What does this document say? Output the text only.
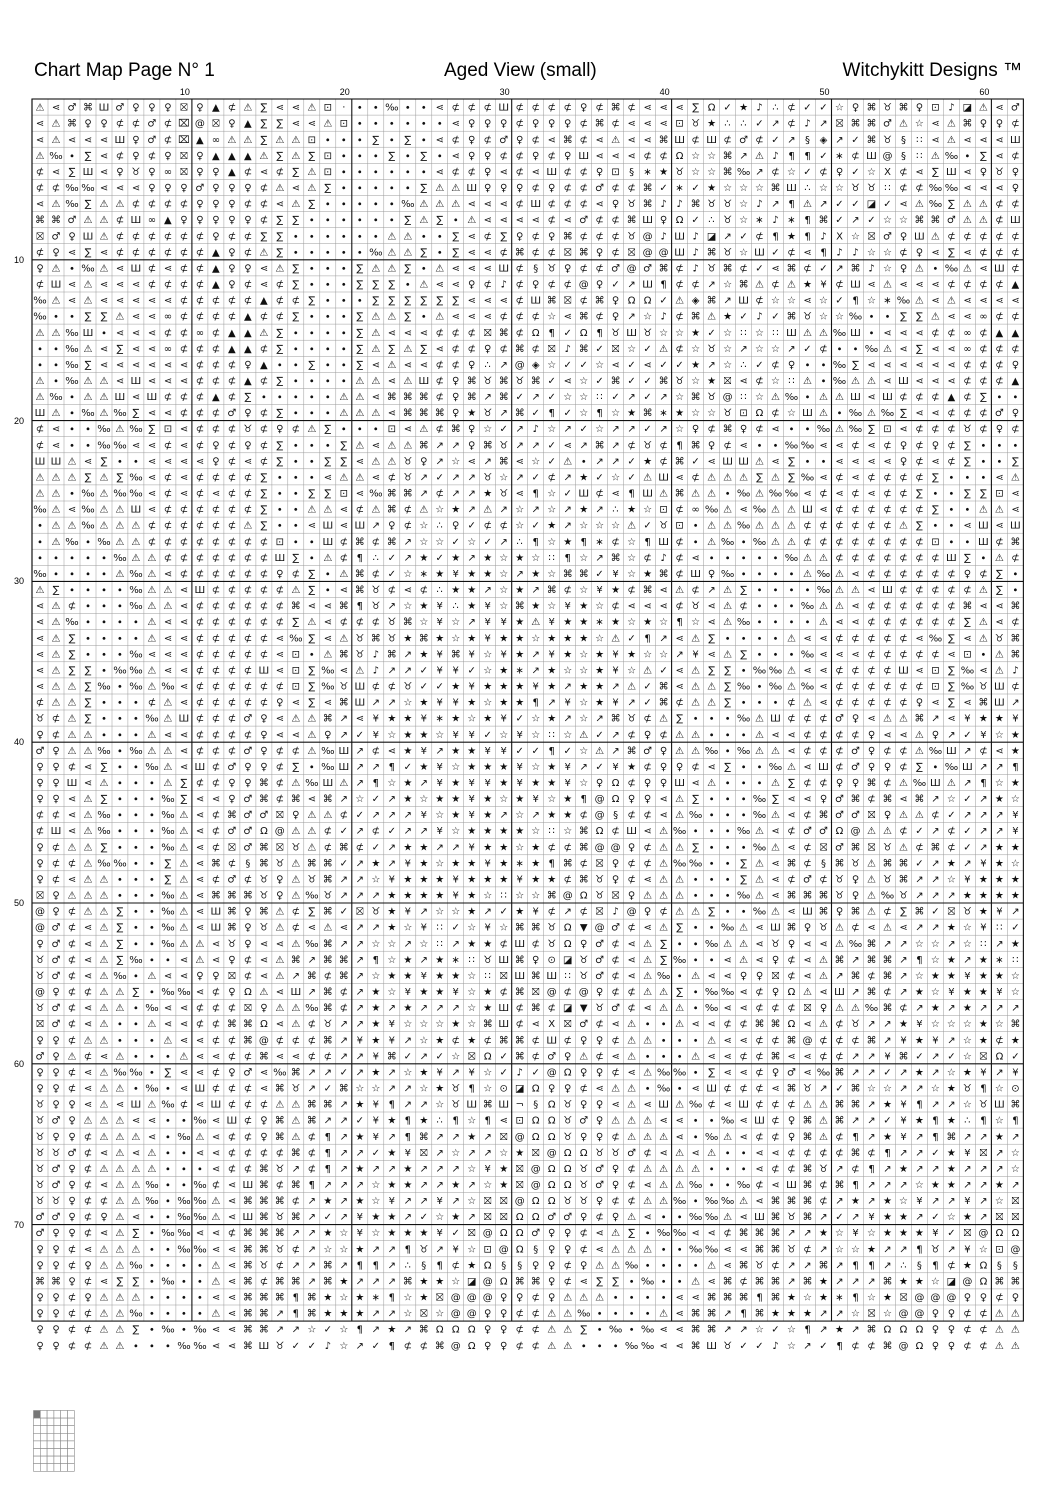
Chart Map Page N° 1	Aged View (small)	Witchykitt Designs ™
10	20	30	40	50	60
10
20
30
40
50
60
70
⚠ ⋖ ♂ ⌘ Ш ♂ ♀ ♀ ♀ ⛝ ♀ ▲ ⊄ ⚠ ∑ ⋖ ⋖ ⚠ ⊡ · ∙ ∙ ‰ ∙ ∙ ⋖ ⊄ ⊄ ⊄ Ш ⊄ ⊄ ⊄ ⊄ ♀ ⊄ ⌘ ⊄ ⋖ ⋖ ⋖ ∑ Ω ✓ ★ ♪ ∴ ⊄ ✓ ✓ ☆ ♀ ⌘ ♉ ⌘ ♀ ⊡ ♪ ◪ ⚠ ⋖ ♂
⋖ ⚠ ⌘ ♀ ♀ ⊄ ⊄ ♂ ⊄ ⌧ @ ⛝ ♀ ▲ ∑ ∑ ⋖ ⋖ ⚠ ⊡ ∙ ∙ ∙ ∙ ∙ ∙ ⋖ ♀ ♀ ♀ ⊄ ♀ ♀ ♀ ⊄ ⌘ ⊄ ⋖ ⋖ ⋖ ⊡ ♉ ★ ∴ ∴ ✓ ↗ ⊄ ♪ ↗ ⛝ ⌘ ⌘ ♂ ⚠ ☆ ⋖ ⚠ ⌘ ♀ ♀ ⊄
⋖ ⚠ ⋖ ⋖ ⋖ Ш ♀ ♂ ⊄ ⌧ ▲ ∞ ⚠ ⚠ ∑ ⚠ ⚠ ⊡ ∙ ∙ ∙ ∑ ∙ ∑ ∙ ⋖ ⊄ ♀ ⊄ ♂ ♀ ⊄ ⋖ ⌘ ⊄ ⋖ ⚠ ⋖ ⋖ ⌘ Ш ⊄ Ш ⊄ ♂ ⊄ ✓ ↗ § ◈ ↗ ✓ ⌘ ♉ § ∷ ⋖ ⚠ ⋖ ⋖ ⋖ Ш
⚠ ‰ ∙ ∑ ⋖ ⊄ ♀ ⊄ ♀ ⛝ ♀ ▲ ▲ ▲ ⚠ ∑ ⚠ ∑ ⊡ ∙ ∙ ∙ ∑ ∙ ∑ ∙ ⋖ ♀ ♀ ⊄ ⊄ ♀ ⊄ ♀ Ш ⋖ ⋖ ⋖ ⊄ ⊄ Ω ☆ ☆ ⌘ ↗ ⚠ ♪ ¶ ¶ ✓ ∗ ⊄ Ш @ § ∷ ⚠ ‰ ∙ ∑ ⋖ ⊄
⊄ ⋖ ∑ Ш ⋖ ♀ ♉ ♀ ∞ ⛝ ♀ ♀ ▲ ⊄ ⋖ ⊄ ∑ ⚠ ⊡ ∙ ∙ ∙ ∙ ∙ ∙ ⋖ ⊄ ⊄ ♀ ⋖ ⊄ ⋖ Ш ⊄ ⊄ ♀ ⊡ § ∗ ★ ♉ ☆ ☆ ⌘ ‰ ↗ ⊄ ☆ ✓ ⊄ ♀ ✓ ☆ Χ ⊄ ⋖ ∑ Ш ⋖ ♀ ♉ ♀
⊄ ⊄ ‰ ‰ ⋖ ⋖ ⋖ ♀ ♀ ♀ ♂ ♀ ♀ ♀ ⊄ ⚠ ⋖ ⚠ ∑ ∙ ∙ ∙ ∙ ∙ ∑ ⚠ ⚠ Ш ♀ ♀ ♀ ⊄ ♀ ⊄ ⊄ ♂ ⊄ ⊄ ⌘ ✓ ∗ ✓ ★ ☆ ☆ ☆ ⌘ Ш ∴ ☆ ☆ ♉ ♉ ∷ ⊄ ⊄ ‰ ‰ ⋖ ⋖ ⋖ ♀
⋖ ⚠ ‰ ∑ ⚠ ⚠ ⊄ ⊄ ⊄ ⊄ ♀ ♀ ♀ ⊄ ⊄ ⋖ ⚠ ∑ ∙ ∙ ∙ ∙ ∙ ‰ ⚠ ⚠ ⚠ ⋖ ⋖ ⋖ ⊄ Ш ⊄ ⊄ ⊄ ⋖ ♀ ♉ ⌘ ♪ ♪ ⌘ ♉ ♉ ☆ ♪ ↗ ¶ ⚠ ↗ ✓ ✓ ◪ ✓ ⋖ ⚠ ‰ ∑ ⚠ ⚠ ⊄ ⊄
⌘ ⌘ ♂ ⚠ ⚠ ⊄ Ш ∞ ▲ ♀ ♀ ♀ ♀ ♀ ⊄ ∑ ∑ ∙ ∙ ∙ ∙ ∙ ∙ ∑ ⚠ ∑ ∙ ⚠ ⋖ ⋖ ⋖ ⋖ ⊄ ⋖ ♂ ⊄ ⊄ ⌘ Ш ♀ Ω ✓ ∴ ♉ ☆ ∗ ♪ ∗ ¶ ⌘ ✓ ↗ ✓ ☆ ☆ ⌘ ⌘ ♂ ⚠ ⚠ ⊄ Ш
⛝ ♂ ♀ Ш ⚠ ⊄ ⊄ ⊄ ⊄ ⊄ ⊄ ♀ ⊄ ⊄ ∑ ∑ ∙ ∙ ∙ ∙ ∙ ∙ ⚠ ⚠ ∙ ∙ ∑ ⋖ ⊄ ∑ ♀ ⊄ ♀ ⌘ ⊄ ⊄ ⊄ ♉ @ ♪ Ш ♪ ◪ ↗ ✓ ⊄ ¶ ★ ¶ ♪ Χ ☆ ⛝ ♂ ♀ Ш ⚠ ⊄ ⊄ ⊄ ⊄ ⊄
⊄ ♀ ⋖ ∑ ⋖ ⊄ ⊄ ⊄ ⊄ ⊄ ⊄ ▲ ♀ ⊄ ⚠ ∑ ∙ ∙ ∙ ∙ ∙ ‰ ⚠ ⚠ ∑ ∙ ∑ ⋖ ⋖ ⊄ ⌘ ⊄ ⊄ ⛝ ⌘ ♀ ⊄ ⛝ @ @ Ш ♪ ⌘ ♉ ☆ Ш ✓ ⊄ ⋖ ¶ ♪ ♪ ☆ ☆ ⊄ ♀ ⋖ ∑ ⋖ ⊄ ⊄ ⊄
♀ ⚠ ∙ ‰ ⚠ ⋖ Ш ⊄ ⋖ ⊄ ⊄ ▲ ♀ ♀ ⋖ ⚠ ∑ ∙ ∙ ∙ ∑ ⚠ ⚠ ∑ ∙ ⚠ ⋖ ⋖ ⋖ Ш ⊄ § ♉ ♀ ⊄ ⊄ ♂ @ ♂ ⌘ ⊄ ♪ ♉ ⌘ ⊄ ✓ ⋖ ⌘ ⊄ ✓ ↗ ⌘ ♪ ☆ ♀ ⚠ ∙ ‰ ⚠ ⋖ Ш ⊄
⊄ Ш ⋖ ⚠ ⋖ ⋖ ⋖ ⊄ ⊄ ⊄ ⊄ ▲ ♀ ⊄ ⋖ ⊄ ∑ ∙ ∙ ∙ ∑ ∑ ∑ ∙ ⚠ ⋖ ⋖ ♀ ⊄ ♪ ⊄ ♀ ⊄ ⊄ @ ♀ ✓ ↗ Ш ¶ ⊄ ⊄ ↗ ☆ ⌘ ⚠ ⊄ ⚠ ★ ¥ ⊄ Ш ⋖ ⚠ ⋖ ⋖ ⋖ ⊄ ⊄ ⊄ ⊄ ▲
‰ ⚠ ⋖ ⚠ ⋖ ⋖ ⋖ ⋖ ⋖ ⊄ ⊄ ⊄ ⊄ ⊄ ▲ ⊄ ⊄ ∑ ∙ ∙ ∙ ∑ ∑ ∑ ∑ ∑ ∑ ⋖ ⋖ ⋖ ⊄ Ш ⌘ ⛝ ⊄ ⌘ ♀ Ω Ω ✓ ⚠ ◈ ⌘ ↗ Ш ⊄ ☆ ☆ ⋖ ☆ ✓ ¶ ☆ ∗ ‰ ⚠ ⋖ ⚠ ⋖ ⋖ ⋖ ⋖
‰ ∙ ∙ ∑ ∑ ⚠ ⋖ ⋖ ∞ ⊄ ⊄ ⊄ ⊄ ▲ ⊄ ⊄ ∑ ∙ ∙ ∙ ∑ ⚠ ⚠ ∑ ∙ ⚠ ⋖ ⋖ ⋖ ⊄ ⊄ ⊄ ☆ ⋖ ⌘ ⊄ ♀ ↗ ☆ ♪ ⊄ ⌘ ⚠ ★ ✓ ♪ ✓ ⌘ ♉ ☆ ☆ ‰ ∙ ∙ ∑ ∑ ⚠ ⋖ ⋖ ∞ ⊄ ⊄
⚠ ⚠ ‰ Ш ∙ ⋖ ⋖ ⋖ ⊄ ⊄ ∞ ⊄ ▲ ▲ ⚠ ∑ ∙ ∙ ∙ ∙ ∑ ⚠ ⋖ ⋖ ⋖ ⊄ ⊄ ⊄ ⛝ ⌘ ⊄ Ω ¶ ✓ Ω ¶ ♉ Ш ♉ ☆ ☆ ★ ✓ ☆ ∷ ☆ ∷ Ш ⚠ ⚠ ‰ Ш ∙ ⋖ ⋖ ⋖ ⊄ ⊄ ∞ ⊄ ▲ ▲
∙ ∙ ‰ ⚠ ⋖ ∑ ⋖ ⋖ ∞ ⊄ ⊄ ⊄ ▲ ▲ ⊄ ∑ ∙ ∙ ∙ ∙ ∑ ⚠ ∑ ⚠ ∑ ⋖ ⊄ ⊄ ♀ ⊄ ⌘ ⊄ ⛝ ♪ ⌘ ✓ ⛝ ☆ ✓ ⚠ ⊄ ☆ ♉ ☆ ↗ ☆ ☆ ↗ ✓ ⊄ ∙ ∙ ‰ ⚠ ⋖ ∑ ⋖ ⋖ ∞ ⊄ ⊄ ⊄
∙ ∙ ‰ ∑ ⋖ ⋖ ⋖ ⋖ ⋖ ⋖ ⊄ ⊄ ⊄ ♀ ▲ ∙ ∙ ∑ ∙ ∙ ∑ ⋖ ⚠ ⋖ ⋖ ⊄ ⊄ ♀ ∴ ↗ @ ◈ ☆ ✓ ✓ ☆ ⋖ ✓ ⋖ ✓ ✓ ★ ↗ ☆ ∴ ✓ ⊄ ♀ ∙ ∙ ‰ ∑ ⋖ ⋖ ⋖ ⋖ ⋖ ⋖ ⊄ ⊄ ⊄ ♀
⚠ ∙ ‰ ⚠ ⚠ ⋖ Ш ⋖ ⋖ ⋖ ⊄ ⊄ ⊄ ▲ ⊄ ∑ ∙ ∙ ∙ ∙ ⚠ ⚠ ⋖ ⚠ Ш ⊄ ♀ ⌘ ♉ ⌘ ♉ ⌘ ✓ ⋖ ☆ ✓ ⌘ ✓ ✓ ⌘ ♉ ☆ ★ ⛝ ⋖ ⊄ ☆ ∷ ⚠ ∙ ‰ ⚠ ⚠ ⋖ Ш ⋖ ⋖ ⋖ ⊄ ⊄ ⊄ ▲
⚠ ‰ ∙ ⚠ ⚠ Ш ⋖ Ш ⊄ ⊄ ⊄ ▲ ⊄ ∑ ∙ ∙ ∙ ∙ ∙ ⚠ ⚠ ⋖ ⌘ ⌘ ⌘ ⊄ ♀ ⌘ ↗ ⌘ ✓ ↗ ✓ ☆ ☆ ∷ ✓ ↗ ✓ ↗ ☆ ⌘ ♉ @ ∷ ☆ ⚠ ‰ ∙ ⚠ ⚠ Ш ⋖ Ш ⊄ ⊄ ⊄ ▲ ⊄ ∑ ∙ ∙
Ш ⚠ ∙ ‰ ⚠ ‰ ∑ ⋖ ⋖ ⊄ ⊄ ⊄ ♂ ♀ ⊄ ∑ ∙ ∙ ∙ ⚠ ⚠ ⚠ ⋖ ⌘ ⌘ ⌘ ♀ ★ ♉ ↗ ⌘ ✓ ¶ ✓ ☆ ¶ ☆ ★ ⌘ ∗ ★ ☆ ☆ ♉ ⊡ Ω ⊄ ☆ Ш ⚠ ∙ ‰ ⚠ ‰ ∑ ⋖ ⋖ ⊄ ⊄ ⊄ ♂ ♀
⊄ ⋖ ∙ ∙ ‰ ⚠ ‰ ∑ ⊡ ⋖ ⊄ ⊄ ⊄ ♉ ⊄ ♀ ⊄ ⚠ ∑ ∙ ∙ ∙ ⊡ ⋖ ⚠ ⊄ ⌘ ♀ ☆ ✓ ↗ ♪ ☆ ↗ ✓ ☆ ↗ ↗ ✓ ↗ ☆ ♀ ⊄ ⌘ ♀ ⊄ ⋖ ∙ ∙ ‰ ⚠ ‰ ∑ ⊡ ⋖ ⊄ ⊄ ⊄ ♉ ⊄ ♀ ⊄
⊄ ⋖ ∙ ∙ ‰ ‰ ⋖ ⋖ ⊄ ⋖ ⊄ ♀ ⊄ ♀ ⊄ ∑ ∙ ∙ ∙ ∑ ⚠ ⋖ ⚠ ⚠ ⌘ ↗ ↗ ♀ ⌘ ♉ ↗ ↗ ✓ ⋖ ↗ ⌘ ↗ ⊄ ♉ ⊄ ¶ ⌘ ♀ ⊄ ⋖ ∙ ∙ ‰ ‰ ⋖ ⋖ ⊄ ⋖ ⊄ ♀ ⊄ ♀ ⊄ ∑ ∙ ∙ ∙
Ш Ш ⚠ ⋖ ∑ ∙ ∙ ⋖ ⋖ ⋖ ⋖ ♀ ⊄ ⋖ ⊄ ∑ ∙ ∙ ∑ ∑ ⋖ ⚠ ⚠ ♉ ♀ ↗ ☆ ⋖ ↗ ⌘ ⋖ ☆ ✓ ⚠ ∙ ↗ ↗ ✓ ★ ⊄ ⌘ ✓ ⋖ Ш Ш ⚠ ⋖ ∑ ∙ ∙ ⋖ ⋖ ⋖ ⋖ ♀ ⊄ ⋖ ⊄ ∑ ∙ ∙ ∑
⚠ ⚠ ⚠ ∑ ⚠ ∑ ‰ ⋖ ⊄ ⋖ ⊄ ⊄ ⊄ ⊄ ∑ ∙ ∙ ∙ ⋖ ⚠ ⚠ ⋖ ⊄ ♉ ↗ ✓ ↗ ↗ ♉ ☆ ↗ ✓ ⊄ ↗ ★ ✓ ☆ ✓ ⚠ Ш ⋖ ⊄ ⚠ ⚠ ⚠ ∑ ⚠ ∑ ‰ ⋖ ⊄ ⋖ ⊄ ⊄ ⊄ ⊄ ∑ ∙ ∙ ∙ ⋖ ⚠
⚠ ⚠ ∙ ‰ ⚠ ‰ ‰ ⋖ ⊄ ⋖ ⊄ ⋖ ⊄ ⊄ ∑ ∙ ∙ ∑ ∑ ⊡ ⋖ ‰ ⌘ ⌘ ↗ ⊄ ↗ ↗ ★ ♉ ⋖ ¶ ☆ ✓ Ш ⊄ ⋖ ¶ Ш ⚠ ⌘ ⚠ ⚠ ∙ ‰ ⚠ ‰ ‰ ⋖ ⊄ ⋖ ⊄ ⋖ ⊄ ⊄ ∑ ∙ ∙ ∑ ∑ ⊡ ⋖
‰ ⚠ ⋖ ‰ ⚠ ⚠ Ш ⋖ ⊄ ⊄ ⊄ ⊄ ⊄ ⊄ ∑ ∙ ∙ ⚠ ⚠ ⋖ ⊄ ⚠ ⌘ ⊄ ⚠ ☆ ★ ↗ ⚠ ↗ ☆ ↗ ☆ ↗ ★ ↗ ∴ ★ ☆ ⊡ ⊄ ∞ ‰ ⚠ ⋖ ‰ ⚠ ⚠ Ш ⋖ ⊄ ⊄ ⊄ ⊄ ⊄ ⊄ ∑ ∙ ∙ ⚠ ⚠ ⋖
∙ ⚠ ⚠ ‰ ⚠ ⚠ ⚠ ⊄ ⊄ ⊄ ⊄ ⊄ ⊄ ⚠ ∑ ∙ ∙ ⋖ Ш ⋖ Ш ↗ ♀ ⊄ ☆ ∴ ♀ ✓ ⊄ ⊄ ☆ ✓ ★ ↗ ☆ ☆ ☆ ⚠ ✓ ♉ ⊡ ∙ ⚠ ⚠ ‰ ⚠ ⚠ ⚠ ⊄ ⊄ ⊄ ⊄ ⊄ ⊄ ⚠ ∑ ∙ ∙ ⋖ Ш ⋖ Ш
∙ ⚠ ‰ ∙ ‰ ⚠ ⚠ ⊄ ⊄ ⊄ ⊄ ⊄ ⊄ ⊄ ⊄ ⊡ ∙ ∙ Ш ⊄ ⌘ ⊄ ⌘ ↗ ☆ ☆ ✓ ☆ ✓ ↗ ∴ ¶ ☆ ★ ¶ ∗ ⊄ ☆ ¶ Ш ⊄ ∙ ⚠ ‰ ∙ ‰ ⚠ ⚠ ⊄ ⊄ ⊄ ⊄ ⊄ ⊄ ⊄ ⊄ ⊡ ∙ ∙ Ш ⊄ ⌘
∙ ∙ ∙ ∙ ∙ ‰ ⚠ ⚠ ⊄ ⊄ ⊄ ⊄ ⊄ ⊄ ⊄ Ш ∑ ∙ ⚠ ⊄ ¶ ∴ ✓ ↗ ★ ✓ ★ ↗ ★ ☆ ★ ☆ ∷ ¶ ☆ ↗ ⌘ ☆ ⊄ ♪ ⊄ ⋖ ∙ ∙ ∙ ∙ ∙ ‰ ⚠ ⚠ ⊄ ⊄ ⊄ ⊄ ⊄ ⊄ ⊄ Ш ∑ ∙ ⚠ ⊄
‰ ∙ ∙ ∙ ∙ ⚠ ‰ ⚠ ⋖ ⊄ ⊄ ⊄ ⊄ ⊄ ⊄ ♀ ⊄ ∑ ∙ ⚠ ⌘ ⊄ ✓ ☆ ∗ ★ ¥ ★ ★ ☆ ↗ ★ ☆ ⌘ ⌘ ✓ ¥ ☆ ★ ⌘ ⊄ Ш ♀ ‰ ∙ ∙ ∙ ∙ ⚠ ‰ ⚠ ⋖ ⊄ ⊄ ⊄ ⊄ ⊄ ⊄ ♀ ⊄ ∑ ∙
⚠ ∑ ∙ ∙ ∙ ∙ ‰ ⚠ ⚠ ⋖ Ш ⊄ ⊄ ⊄ ⊄ ⊄ ⚠ ∑ ∙ ⋖ ⌘ ♉ ⊄ ⋖ ⊄ ∴ ★ ★ ↗ ☆ ★ ↗ ⌘ ⊄ ☆ ¥ ★ ⊄ ⌘ ⋖ ⚠ ⊄ ↗ ⚠ ∑ ∙ ∙ ∙ ∙ ‰ ⚠ ⚠ ⋖ Ш ⊄ ⊄ ⊄ ⊄ ⊄ ⚠ ∑ ∙
⋖ ⚠ ⊄ ∙ ∙ ∙ ‰ ⚠ ⚠ ⋖ ⊄ ⊄ ⊄ ⊄ ⊄ ⊄ ⌘ ⋖ ⋖ ⌘ ¶ ♉ ↗ ☆ ★ ¥ ∴ ★ ¥ ☆ ⌘ ★ ☆ ¥ ★ ☆ ⊄ ⋖ ⋖ ⋖ ⊄ ♉ ⋖ ⚠ ⊄ ∙ ∙ ∙ ‰ ⚠ ⚠ ⋖ ⊄ ⊄ ⊄ ⊄ ⊄ ⊄ ⌘ ⋖ ⋖ ⌘
⋖ ⚠ ‰ ∙ ∙ ∙ ∙ ⚠ ⋖ ⋖ ⊄ ⊄ ⊄ ⊄ ⊄ ⊄ ∑ ⚠ ⋖ ⊄ ⊄ ⊄ ♉ ⌘ ☆ ¥ ☆ ↗ ¥ ¥ ★ ⚠ ¥ ★ ★ ∗ ★ ☆ ★ ☆ ¶ ☆ ⋖ ⚠ ‰ ∙ ∙ ∙ ∙ ⚠ ⋖ ⋖ ⊄ ⊄ ⊄ ⊄ ⊄ ⊄ ∑ ⚠ ⋖ ⊄
⋖ ⚠ ∑ ∙ ∙ ∙ ∙ ⚠ ⋖ ⋖ ⊄ ⊄ ⊄ ⊄ ⊄ ⋖ ‰ ∑ ⋖ ⚠ ♉ ⌘ ♉ ★ ⌘ ★ ☆ ★ ¥ ★ ★ ☆ ★ ★ ★ ☆ ⚠ ✓ ¶ ↗ ⋖ ⚠ ∑ ∙ ∙ ∙ ∙ ⚠ ⋖ ⋖ ⊄ ⊄ ⊄ ⊄ ⊄ ⋖ ‰ ∑ ⋖ ⚠ ♉ ⌘
⋖ ⚠ ∑ ∙ ∙ ∙ ‰ ⋖ ⋖ ⋖ ⊄ ⊄ ⊄ ⊄ ⊄ ⋖ ⊡ ∙ ⚠ ⌘ ♉ ♪ ⌘ ↗ ★ ¥ ⌘ ¥ ☆ ¥ ★ ↗ ¥ ★ ☆ ★ ¥ ★ ☆ ☆ ↗ ¥ ⋖ ⚠ ∑ ∙ ∙ ∙ ‰ ⋖ ⋖ ⋖ ⊄ ⊄ ⊄ ⊄ ⊄ ⋖ ⊡ ∙ ⚠ ⌘
⋖ ⚠ ∑ ∑ ∙ ‰ ‰ ⚠ ⋖ ⋖ ⊄ ⊄ ⊄ ⊄ Ш ⋖ ⊡ ∑ ‰ ⋖ ⚠ ♪ ↗ ↗ ✓ ¥ ¥ ✓ ☆ ★ ∗ ↗ ★ ☆ ☆ ★ ¥ ☆ ⚠ ✓ ⋖ ⚠ ∑ ∑ ∙ ‰ ‰ ⚠ ⋖ ⋖ ⊄ ⊄ ⊄ ⊄ Ш ⋖ ⊡ ∑ ‰ ⋖ ⚠ ♪
⋖ ⚠ ⚠ ∑ ‰ ∙ ‰ ⚠ ‰ ⋖ ⊄ ⊄ ⊄ ⊄ ⊄ ⊄ ⊡ ∑ ‰ ♉ Ш ⊄ ⊄ ♉ ✓ ✓ ★ ¥ ★ ★ ★ ¥ ★ ↗ ★ ★ ↗ ⚠ ✓ ⌘ ⋖ ⚠ ⚠ ∑ ‰ ∙ ‰ ⚠ ‰ ⋖ ⊄ ⊄ ⊄ ⊄ ⊄ ⊄ ⊡ ∑ ‰ ♉ Ш ⊄
⊄ ⚠ ⚠ ∑ ∙ ∙ ∙ ⊄ ⚠ ⋖ ⊄ ⊄ ⊄ ⊄ ⊄ ♀ ⋖ ∑ ⋖ ⌘ Ш ↗ ↗ ☆ ★ ¥ ¥ ★ ☆ ★ ★ ¶ ↗ ¥ ☆ ★ ¥ ↗ ✓ ⌘ ⊄ ⚠ ⚠ ∑ ∙ ∙ ∙ ⊄ ⚠ ⋖ ⊄ ⊄ ⊄ ⊄ ⊄ ♀ ⋖ ∑ ⋖ ⌘ Ш ↗
♉ ⊄ ⚠ ∑ ∙ ∙ ∙ ‰ ⚠ Ш ⊄ ⊄ ⊄ ♂ ♀ ⋖ ⚠ ⚠ ⌘ ↗ ⋖ ¥ ★ ★ ¥ ∗ ★ ☆ ★ ¥ ✓ ☆ ★ ↗ ☆ ↗ ⌘ ♉ ⊄ ⚠ ∑ ∙ ∙ ∙ ‰ ⚠ Ш ⊄ ⊄ ⊄ ♂ ♀ ⋖ ⚠ ⚠ ⌘ ↗ ⋖ ¥ ★ ★ ¥
♀ ⊄ ⚠ ⚠ ∙ ∙ ∙ ⚠ ⋖ ⋖ ⊄ ⊄ ⊄ ⊄ ♀ ⋖ ⋖ ⚠ ♀ ↗ ✓ ¥ ☆ ★ ★ ☆ ¥ ¥ ✓ ☆ ¥ ☆ ∷ ☆ ⚠ ✓ ↗ ⊄ ♀ ⊄ ⚠ ⚠ ∙ ∙ ∙ ⚠ ⋖ ⋖ ⊄ ⊄ ⊄ ⊄ ♀ ⋖ ⋖ ⚠ ♀ ↗ ✓ ¥ ☆ ★
♂ ♀ ⚠ ⚠ ‰ ∙ ‰ ⚠ ⚠ ⋖ ⊄ ⊄ ⊄ ♂ ♀ ⊄ ⊄ ⚠ ‰ Ш ↗ ⊄ ⋖ ★ ¥ ↗ ★ ★ ¥ ¥ ✓ ✓ ¶ ✓ ☆ ⚠ ↗ ⌘ ♂ ♀ ⚠ ⚠ ‰ ∙ ‰ ⚠ ⚠ ⋖ ⊄ ⊄ ⊄ ♂ ♀ ⊄ ⊄ ⚠ ‰ Ш ↗ ⊄ ⋖ ★
♀ ♀ ⊄ ⋖ ∑ ∙ ∙ ‰ ⚠ ⋖ Ш ⊄ ♂ ♀ ♀ ⊄ ∑ ∙ ‰ Ш ↗ ↗ ¶ ✓ ★ ¥ ☆ ★ ★ ★ ¥ ☆ ★ ¥ ↗ ✓ ¥ ★ ⊄ ♀ ♀ ⊄ ⋖ ∑ ∙ ∙ ‰ ⚠ ⋖ Ш ⊄ ♂ ♀ ♀ ⊄ ∑ ∙ ‰ Ш ↗ ↗ ¶
♀ ♀ Ш ⋖ ⚠ ∙ ∙ ∙ ⚠ ∑ ⊄ ⊄ ♀ ♀ ⌘ ⊄ ⚠ ‰ Ш ⚠ ↗ ¶ ☆ ★ ↗ ¥ ★ ¥ ¥ ★ ¥ ★ ★ ¥ ☆ ♀ Ω ⊄ ♀ ♀ Ш ⋖ ⚠ ∙ ∙ ∙ ⚠ ∑ ⊄ ⊄ ♀ ♀ ⌘ ⊄ ⚠ ‰ Ш ⚠ ↗ ¶ ☆ ★
♀ ♀ ⋖ ⚠ ∑ ∙ ∙ ∙ ‰ ∑ ⋖ ⋖ ♀ ♂ ⌘ ⊄ ⌘ ⋖ ⌘ ↗ ☆ ✓ ↗ ★ ☆ ★ ★ ¥ ★ ☆ ★ ¥ ☆ ★ ¶ @ Ω ♀ ♀ ⋖ ⚠ ∑ ∙ ∙ ∙ ‰ ∑ ⋖ ⋖ ♀ ♂ ⌘ ⊄ ⌘ ⋖ ⌘ ↗ ☆ ✓ ↗ ★ ☆
⊄ ⊄ ⋖ ⚠ ‰ ∙ ∙ ∙ ‰ ⚠ ⋖ ⊄ ⌘ ♂ ♂ ⛝ ♀ ⚠ ⚠ ⊄ ✓ ↗ ↗ ↗ ¥ ☆ ★ ¥ ★ ↗ ☆ ↗ ★ ★ ⊄ @ § ⊄ ⊄ ⋖ ⚠ ‰ ∙ ∙ ∙ ‰ ⚠ ⋖ ⊄ ⌘ ♂ ♂ ⛝ ♀ ⚠ ⚠ ⊄ ✓ ↗ ↗ ↗ ¥
⊄ Ш ⋖ ⚠ ‰ ∙ ∙ ∙ ‰ ⚠ ⋖ ⊄ ♂ ♂ Ω @ ⚠ ⚠ ⊄ ✓ ↗ ⊄ ✓ ↗ ↗ ¥ ☆ ★ ★ ★ ★ ☆ ∷ ☆ ⌘ Ω ⊄ Ш ⋖ ⚠ ‰ ∙ ∙ ∙ ‰ ⚠ ⋖ ⊄ ♂ ♂ Ω @ ⚠ ⚠ ⊄ ✓ ↗ ⊄ ✓ ↗ ↗ ¥
♀ ⊄ ⚠ ⚠ ∑ ∙ ∙ ∙ ‰ ⚠ ⋖ ⊄ ⛝ ♂ ⌘ ⛝ ♉ ⚠ ⊄ ⌘ ⊄ ✓ ↗ ★ ★ ↗ ↗ ¥ ★ ★ ☆ ★ ⊄ ⊄ ⌘ @ @ ♀ ⊄ ⚠ ⚠ ∑ ∙ ∙ ∙ ‰ ⚠ ⋖ ⊄ ⛝ ♂ ⌘ ⛝ ♉ ⚠ ⊄ ⌘ ⊄ ✓ ↗ ★ ★
♀ ⊄ ⊄ ⚠ ‰ ‰ ∙ ∙ ∑ ⚠ ⋖ ⌘ ⊄ § ⌘ ♉ ⚠ ⌘ ⌘ ✓ ↗ ★ ↗ ¥ ★ ☆ ★ ★ ¥ ★ ∗ ★ ¶ ⌘ ⊄ ⛝ ♀ ⊄ ⊄ ⚠ ‰ ‰ ∙ ∙ ∑ ⚠ ⋖ ⌘ ⊄ § ⌘ ♉ ⚠ ⌘ ⌘ ✓ ↗ ★ ↗ ¥ ★ ☆
♀ ⊄ ⋖ ⚠ ⚠ ∙ ∙ ∙ ∑ ⚠ ⋖ ⊄ ♂ ⊄ ♉ ♀ ⚠ ♉ ⌘ ↗ ↗ ☆ ¥ ★ ★ ★ ¥ ★ ★ ★ ¥ ★ ★ ⊄ ⌘ ♉ ♀ ⊄ ⋖ ⚠ ⚠ ∙ ∙ ∙ ∑ ⚠ ⋖ ⊄ ♂ ⊄ ♉ ♀ ⚠ ♉ ⌘ ↗ ↗ ☆ ¥ ★ ★ ★
⛝ ♀ ⚠ ⚠ ⚠ ∙ ∙ ∙ ‰ ⚠ ⋖ ⌘ ⌘ ⌘ ♉ ♀ ⚠ ‰ ♉ ↗ ↗ ↗ ★ ★ ★ ★ ¥ ★ ☆ ∷ ☆ ☆ ⌘ @ Ω ♉ ⛝ ♀ ⚠ ⚠ ⚠ ∙ ∙ ∙ ‰ ⚠ ⋖ ⌘ ⌘ ⌘ ♉ ♀ ⚠ ‰ ♉ ↗ ↗ ↗ ★ ★ ★ ★
@ ♀ ⊄ ⚠ ⚠ ∑ ∙ ∙ ‰ ⚠ ⋖ Ш ⌘ ♀ ⌘ ⚠ ⊄ ∑ ⌘ ✓ ⛝ ♉ ★ ¥ ↗ ☆ ☆ ★ ↗ ✓ ★ ¥ ⊄ ↗ ⊄ ⛝ ♪ @ ♀ ⊄ ⚠ ⚠ ∑ ∙ ∙ ‰ ⚠ ⋖ Ш ⌘ ♀ ⌘ ⚠ ⊄ ∑ ⌘ ✓ ⛝ ♉ ★ ¥ ↗
@ ♂ ⊄ ⋖ ⚠ ∑ ∙ ∙ ‰ ⚠ ⋖ Ш ⌘ ♀ ♉ ⚠ ⊄ ⋖ ⚠ ⋖ ↗ ↗ ★ ☆ ¥ ∷ ✓ ☆ ¥ ☆ ⌘ ⌘ ♉ Ω ▼ @ ♂ ⊄ ⋖ ⚠ ∑ ∙ ∙ ‰ ⚠ ⋖ Ш ⌘ ♀ ♉ ⚠ ⊄ ⋖ ⚠ ⋖ ↗ ↗ ★ ☆ ¥ ∷ ✓
♀ ♂ ⊄ ⋖ ⚠ ∑ ∙ ∙ ‰ ⚠ ⚠ ⋖ ♉ ♀ ⋖ ⋖ ⚠ ‰ ⌘ ↗ ↗ ☆ ☆ ↗ ☆ ∷ ↗ ★ ★ ⊄ Ш ⊄ ♉ Ω ♀ ♂ ⊄ ⋖ ⚠ ∑ ∙ ∙ ‰ ⚠ ⚠ ⋖ ♉ ♀ ⋖ ⋖ ⚠ ‰ ⌘ ↗ ↗ ☆ ☆ ↗ ☆ ∷ ↗ ★
♉ ♂ ⊄ ⋖ ⚠ ∑ ‰ ∙ ∙ ⋖ ⚠ ⋖ ♀ ⊄ ⋖ ⚠ ⌘ ↗ ⌘ ⌘ ↗ ¶ ☆ ★ ↗ ★ ∗ ∷ ♉ Ш ⌘ ♀ ⊙ ◪ ♉ ♂ ⊄ ⋖ ⚠ ∑ ‰ ∙ ∙ ⋖ ⚠ ⋖ ♀ ⊄ ⋖ ⚠ ⌘ ↗ ⌘ ⌘ ↗ ¶ ☆ ★ ↗ ★ ∗ ∷
♉ ♂ ⊄ ⋖ ⚠ ‰ ∙ ⚠ ⋖ ⋖ ♀ ♀ ⛝ ⊄ ⋖ ⚠ ↗ ⌘ ⊄ ⌘ ↗ ☆ ★ ★ ¥ ★ ★ ☆ ∷ ⛝ Ш ⌘ Ш ∷ ♉ ♂ ⊄ ⋖ ⚠ ‰ ∙ ⚠ ⋖ ⋖ ♀ ♀ ⛝ ⊄ ⋖ ⚠ ↗ ⌘ ⊄ ⌘ ↗ ☆ ★ ★ ¥ ★ ★ ☆
@ ♀ ⊄ ⊄ ⚠ ⚠ ∑ ∙ ‰ ‰ ⋖ ⊄ ♀ Ω ⚠ ⋖ Ш ↗ ⌘ ⊄ ↗ ★ ☆ ¥ ★ ★ ¥ ☆ ★ ⊄ ⌘ ⛝ @ ⊄ @ ♀ ⊄ ⊄ ⚠ ⚠ ∑ ∙ ‰ ‰ ⋖ ⊄ ♀ Ω ⚠ ⋖ Ш ↗ ⌘ ⊄ ↗ ★ ☆ ¥ ★ ★ ¥ ☆
♉ ♂ ⊄ ⋖ ⚠ ⚠ ∙ ‰ ⋖ ⋖ ⊄ ⊄ ⊄ ⛝ ♀ ⚠ ⚠ ‰ ⌘ ⊄ ↗ ★ ↗ ★ ↗ ↗ ↗ ☆ ★ Ш ⊄ ⌘ ⊄ ◪ ▼ ♉ ♂ ⊄ ⋖ ⚠ ⚠ ∙ ‰ ⋖ ⋖ ⊄ ⊄ ⊄ ⛝ ♀ ⚠ ⚠ ‰ ⌘ ⊄ ↗ ★ ↗ ★ ↗ ↗ ↗
⛝ ♂ ⊄ ⋖ ⚠ ∙ ∙ ⚠ ⋖ ⋖ ⊄ ⊄ ⌘ ⌘ Ω ⋖ ⚠ ⊄ ♉ ↗ ↗ ★ ¥ ☆ ☆ ☆ ★ ☆ ⌘ Ш ⊄ ⋖ Χ ⛝ ♂ ⊄ ⋖ ⚠ ∙ ∙ ⚠ ⋖ ⋖ ⊄ ⊄ ⌘ ⌘ Ω ⋖ ⚠ ⊄ ♉ ↗ ↗ ★ ¥ ☆ ☆ ☆ ★ ☆ ⌘
♀ ♀ ⊄ ⚠ ⚠ ∙ ∙ ∙ ⚠ ⋖ ⋖ ⊄ ⊄ ⌘ @ ⊄ ⊄ ⊄ ⌘ ↗ ¥ ★ ¥ ↗ ☆ ★ ⊄ ★ ⊄ ⌘ ⌘ ⊄ Ш ⊄ ♀ ♀ ⊄ ⚠ ⚠ ∙ ∙ ∙ ⚠ ⋖ ⋖ ⊄ ⊄ ⌘ @ ⊄ ⊄ ⊄ ⌘ ↗ ¥ ★ ¥ ↗ ☆ ★ ⊄ ★
♂ ♀ ⚠ ⊄ ⋖ ⚠ ∙ ∙ ∙ ⚠ ⋖ ⋖ ⊄ ⊄ ⌘ ⋖ ⋖ ⊄ ⊄ ↗ ↗ ¥ ⌘ ✓ ↗ ✓ ☆ ⛝ Ω ✓ ⌘ ⊄ ♂ ♀ ⚠ ⊄ ⋖ ⚠ ∙ ∙ ∙ ⚠ ⋖ ⋖ ⊄ ⊄ ⌘ ⋖ ⋖ ⊄ ⊄ ↗ ↗ ¥ ⌘ ✓ ↗ ✓ ☆ ⛝ Ω ✓
♀ ♀ ⊄ ⋖ ⚠ ‰ ‰ ∙ ∑ ⋖ ⋖ ⊄ ♀ ♂ ⋖ ‰ ⌘ ↗ ↗ ✓ ↗ ★ ↗ ☆ ★ ¥ ↗ ¥ ☆ ✓ ♪ ✓ @ Ω ♀ ♀ ⊄ ⋖ ⚠ ‰ ‰ ∙ ∑ ⋖ ⋖ ⊄ ♀ ♂ ⋖ ‰ ⌘ ↗ ↗ ✓ ↗ ★ ↗ ☆ ★ ¥ ↗ ¥
♀ ♀ ⊄ ⋖ ⚠ ⚠ ∙ ‰ ∙ ⋖ Ш ⊄ ⊄ ⊄ ⋖ ⌘ ♉ ↗ ✓ ⌘ ☆ ☆ ↗ ↗ ☆ ★ ♉ ¶ ☆ ⊙ ◪ Ω ♀ ♀ ⊄ ⋖ ⚠ ⚠ ∙ ‰ ∙ ⋖ Ш ⊄ ⊄ ⊄ ⋖ ⌘ ♉ ↗ ✓ ⌘ ☆ ☆ ↗ ↗ ☆ ★ ♉ ¶ ☆ ⊙
♉ ♀ ♀ ⋖ ⚠ ⋖ Ш ⚠ ‰ ⊄ ⋖ Ш ⊄ ⊄ ⊄ ⚠ ⚠ ⌘ ⌘ ↗ ★ ¥ ¶ ↗ ↗ ☆ ♉ Ш ⌘ Ш ¬ § Ω ♉ ♀ ♀ ⋖ ⚠ ⋖ Ш ⚠ ‰ ⊄ ⋖ Ш ⊄ ⊄ ⊄ ⚠ ⚠ ⌘ ⌘ ↗ ★ ¥ ¶ ↗ ↗ ☆ ♉ Ш ⌘
♉ ♂ ♀ ⚠ ⚠ ⚠ ⋖ ⋖ ∙ ∙ ‰ ⋖ Ш ⊄ ♀ ⌘ ⚠ ⌘ ↗ ↗ ✓ ¥ ★ ¶ ★ ∴ ¶ ☆ ¶ ⋖ ⊡ Ω Ω ♉ ♂ ♀ ⚠ ⚠ ⚠ ⋖ ⋖ ∙ ∙ ‰ ⋖ Ш ⊄ ♀ ⌘ ⚠ ⌘ ↗ ↗ ✓ ¥ ★ ¶ ★ ∴ ¶ ☆ ¶
♉ ♀ ♀ ⊄ ⚠ ⚠ ⚠ ⋖ ∙ ‰ ⚠ ⋖ ⊄ ⊄ ♀ ⌘ ⚠ ⊄ ¶ ↗ ★ ¥ ↗ ¶ ⌘ ↗ ↗ ★ ↗ ⛝ @ Ω Ω ♉ ♀ ♀ ⊄ ⚠ ⚠ ⚠ ⋖ ∙ ‰ ⚠ ⋖ ⊄ ⊄ ♀ ⌘ ⚠ ⊄ ¶ ↗ ★ ¥ ↗ ¶ ⌘ ↗ ↗ ★ ↗
♉ ♉ ♂ ⊄ ⋖ ⚠ ⋖ ⚠ ∙ ∙ ⋖ ⋖ ⊄ ⊄ ⊄ ⊄ ⌘ ⊄ ¶ ↗ ↗ ✓ ★ ¥ ⛝ ↗ ☆ ↗ ↗ ☆ ★ ⛝ @ Ω Ω ♉ ♉ ♂ ⊄ ⋖ ⚠ ⋖ ⚠ ∙ ∙ ⋖ ⋖ ⊄ ⊄ ⊄ ⊄ ⌘ ⊄ ¶ ↗ ↗ ✓ ★ ¥ ⛝ ↗ ☆
♉ ♂ ♀ ⊄ ⚠ ⚠ ⚠ ⚠ ∙ ∙ ∙ ⋖ ⊄ ⊄ ⌘ ♉ ↗ ⊄ ¶ ↗ ★ ↗ ↗ ★ ↗ ↗ ↗ ☆ ¥ ★ ⛝ @ Ω Ω ♉ ♂ ♀ ⊄ ⚠ ⚠ ⚠ ⚠ ∙ ∙ ∙ ⋖ ⊄ ⊄ ⌘ ♉ ↗ ⊄ ¶ ↗ ★ ↗ ↗ ★ ↗ ↗ ↗ ☆
♉ ♂ ♀ ⊄ ⋖ ⚠ ⚠ ‰ ∙ ∙ ‰ ⊄ ⋖ Ш ⌘ ⊄ ⌘ ¶ ↗ ↗ ↗ ☆ ★ ★ ↗ ↗ ★ ↗ ☆ ★ ⛝ @ Ω Ω ♉ ♂ ♀ ⊄ ⋖ ⚠ ⚠ ‰ ∙ ∙ ‰ ⊄ ⋖ Ш ⌘ ⊄ ⌘ ¶ ↗ ↗ ↗ ☆ ★ ★ ↗ ↗ ★ ↗
♉ ♉ ♀ ⊄ ⊄ ⚠ ⚠ ‰ ∙ ‰ ‰ ⚠ ⋖ ⌘ ⌘ ⌘ ⊄ ↗ ★ ↗ ★ ☆ ¥ ↗ ↗ ¥ ↗ ☆ ⛝ ⛝ @ Ω Ω ♉ ♉ ♀ ⊄ ⊄ ⚠ ⚠ ‰ ∙ ‰ ‰ ⚠ ⋖ ⌘ ⌘ ⌘ ⊄ ↗ ★ ↗ ★ ☆ ¥ ↗ ↗ ¥ ↗ ☆ ⛝
♂ ♂ ♀ ⊄ ♀ ⚠ ⋖ ∙ ∙ ‰ ‰ ⚠ ⋖ Ш ⌘ ♉ ⌘ ↗ ✓ ↗ ¥ ★ ★ ↗ ✓ ☆ ★ ↗ ⛝ ⛝ Ω Ω ♂ ♂ ♀ ⊄ ♀ ⚠ ⋖ ∙ ∙ ‰ ‰ ⚠ ⋖ Ш ⌘ ♉ ⌘ ↗ ✓ ↗ ¥ ★ ★ ↗ ✓ ☆ ★ ↗ ⛝ ⛝
♂ ♀ ♀ ⊄ ⋖ ⚠ ∑ ∙ ‰ ‰ ⋖ ⋖ ⊄ ⌘ ⌘ ⌘ ↗ ↗ ★ ☆ ¥ ☆ ★ ★ ★ ¥ ✓ ⛝ @ Ω Ω ♂ ♀ ♀ ⊄ ⋖ ⚠ ∑ ∙ ‰ ‰ ⋖ ⋖ ⊄ ⌘ ⌘ ⌘ ↗ ↗ ★ ☆ ¥ ☆ ★ ★ ★ ¥ ✓ ⛝ @ Ω Ω
♀ ♀ ⊄ ⋖ ⚠ ⚠ ⚠ ∙ ∙ ‰ ‰ ⋖ ⋖ ⌘ ⌘ ♉ ⊄ ↗ ☆ ☆ ★ ↗ ↗ ¶ ♉ ↗ ¥ ☆ ⊡ @ Ω § ♀ ♀ ⊄ ⋖ ⚠ ⚠ ⚠ ∙ ∙ ‰ ‰ ⋖ ⋖ ⌘ ⌘ ♉ ⊄ ↗ ☆ ☆ ★ ↗ ↗ ¶ ♉ ↗ ¥ ☆ ⊡ @
♀ ♀ ⊄ ♀ ⚠ ⚠ ‰ ∙ ∙ ∙ ∙ ⚠ ⋖ ⌘ ♉ ⊄ ↗ ↗ ⌘ ↗ ¶ ¶ ↗ ∴ § ¶ ⊄ ★ Ω § § ♀ ♀ ⊄ ♀ ⚠ ⚠ ‰ ∙ ∙ ∙ ∙ ⚠ ⋖ ⌘ ♉ ⊄ ↗ ↗ ⌘ ↗ ¶ ¶ ↗ ∴ § ¶ ⊄ ★ Ω § §
⌘ ⌘ ♀ ⊄ ⋖ ∑ ∑ ∙ ‰ ∙ ∙ ⚠ ⋖ ⌘ ⊄ ⌘ ⌘ ↗ ⌘ ★ ↗ ↗ ↗ ⌘ ★ ★ ☆ ◪ @ Ω ⌘ ⌘ ♀ ⊄ ⋖ ∑ ∑ ∙ ‰ ∙ ∙ ⚠ ⋖ ⌘ ⊄ ⌘ ⌘ ↗ ⌘ ★ ↗ ↗ ↗ ⌘ ★ ★ ☆ ◪ @ Ω ⌘ ⌘
♀ ♀ ⊄ ♀ ⚠ ⚠ ⚠ ∙ ∙ ∙ ∙ ⋖ ⋖ ⌘ ⌘ ⌘ ¶ ⌘ ★ ☆ ★ ∗ ¶ ☆ ★ ⛝ @ @ @ ♀ ♀ ⊄ ♀ ⚠ ⚠ ⚠ ∙ ∙ ∙ ∙ ⋖ ⋖ ⌘ ⌘ ⌘ ¶ ⌘ ★ ☆ ★ ∗ ¶ ☆ ★ ⛝ @ @ @ ♀ ♀ ⊄ ♀
♀ ♀ ⊄ ⊄ ⚠ ⚠ ‰ ∙ ∙ ∙ ∙ ⚠ ⋖ ⌘ ⌘ ↗ ¶ ⌘ ★ ★ ★ ↗ ↗ ☆ ⛝ ☆ @ @ ♀ ♀ ⊄ ⊄ ⚠ ⚠ ‰ ∙ ∙ ∙ ∙ ⚠ ⋖ ⌘ ⌘ ↗ ¶ ⌘ ★ ★ ★ ↗ ↗ ☆ ⛝ ☆ @ @ ♀ ♀ ⊄ ⊄ ⚠ ⚠
♀ ♀ ⊄ ⊄ ⚠ ⚠ ∑ ∙ ‰ ∙ ‰ ⋖ ⋖ ⌘ ⌘ ↗ ↗ ☆ ✓ ☆ ¶ ↗ ★ ↗ ⌘ Ω Ω Ω ♀ ♀ ⊄ ⊄ ⚠ ⚠ ∑ ∙ ‰ ∙ ‰ ⋖ ⋖ ⌘ ⌘ ↗ ↗ ☆ ✓ ☆ ¶ ↗ ★ ↗ ⌘ Ω Ω Ω ♀ ♀ ⊄ ⊄ ⚠ ⚠
♀ ♀ ⊄ ⊄ ⚠ ⚠ ∙ ∙ ∙ ‰ ‰ ⋖ ⋖ ⌘ Ш ♉ ✓ ✓ ♪ ☆ ↗ ✓ ¶ ⊄ ⊄ ⌘ @ Ω ♀ ♀ ⊄ ⊄ ⚠ ⚠ ∙ ∙ ∙ ‰ ‰ ⋖ ⋖ ⌘ Ш ♉ ✓ ✓ ♪ ☆ ↗ ✓ ¶ ⊄ ⊄ ⌘ @ Ω ♀ ♀ ⊄ ⊄ ⚠ ⚠
